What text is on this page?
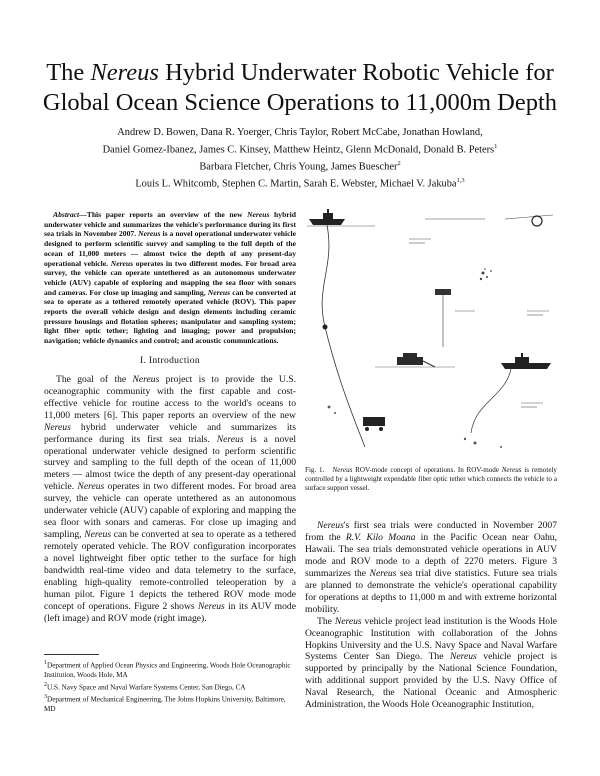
The Nereus Hybrid Underwater Robotic Vehicle for Global Ocean Science Operations to 11,000m Depth
Andrew D. Bowen, Dana R. Yoerger, Chris Taylor, Robert McCabe, Jonathan Howland,
Daniel Gomez-Ibanez, James C. Kinsey, Matthew Heintz, Glenn McDonald, Donald B. Peters$^1$
Barbara Fletcher, Chris Young, James Buescher$^2$
Louis L. Whitcomb, Stephen C. Martin, Sarah E. Webster, Michael V. Jakuba$^{1,3}$

Abstract—This paper reports an overview of the new Nereus hybrid underwater vehicle and summarizes the vehicle's performance during its first sea trials in November 2007. Nereus is a novel operational underwater vehicle designed to perform scientific survey and sampling to the full depth of the ocean of 11,000 meters — almost twice the depth of any present-day operational vehicle. Nereus operates in two different modes. For broad area survey, the vehicle can operate untethered as an autonomous underwater vehicle (AUV) capable of exploring and mapping the sea floor with sonars and cameras. For close up imaging and sampling, Nereus can be converted at sea to operate as a tethered remotely operated vehicle (ROV). This paper reports the overall vehicle design and design elements including ceramic pressure housings and flotation spheres; manipulator and sampling system; light fiber optic tether; lighting and imaging; power and propulsion; navigation; vehicle dynamics and control; and acoustic communications.

I. Introduction

The goal of the Nereus project is to provide the U.S. oceanographic community with the first capable and cost-effective vehicle for routine access to the world's oceans to 11,000 meters [6]. This paper reports an overview of the new Nereus hybrid underwater vehicle and summarizes its performance during its first sea trials. Nereus is a novel operational underwater vehicle designed to perform scientific survey and sampling to the full depth of the ocean of 11,000 meters — almost twice the depth of any present-day operational vehicle. Nereus operates in two different modes. For broad area survey, the vehicle can operate untethered as an autonomous underwater vehicle (AUV) capable of exploring and mapping the sea floor with sonars and cameras. For close up imaging and sampling, Nereus can be converted at sea to operate as a tethered remotely operated vehicle. The ROV configuration incorporates a novel lightweight fiber optic tether to the surface for high bandwidth real-time video and data telemetry to the surface, enabling high-quality remote-controlled teleoperation by a human pilot. Figure 1 depicts the tethered ROV mode mode concept of operations. Figure 2 shows Nereus in its AUV mode (left image) and ROV mode (right image).

$^1$Department of Applied Ocean Physics and Engineering, Woods Hole Oceanographic Institution, Woods Hole, MA

$^2$U.S. Navy Space and Naval Warfare Systems Center, San Diego, CA

$^3$Department of Mechanical Engineering, The Johns Hopkins University, Baltimore, MD

Fig. 1. Nereus ROV-mode concept of operations. In ROV-mode Nereus is remotely controlled by a lightweight expendable fiber optic tether which connects the vehicle to a surface support vessel.

Nereus's first sea trials were conducted in November 2007 from the R.V. Kilo Moana in the Pacific Ocean near Oahu, Hawaii. The sea trials demonstrated vehicle operations in AUV mode and ROV mode to a depth of 2270 meters. Figure 3 summarizes the Nereus sea trial dive statistics. Future sea trials are planned to demonstrate the vehicle's operational capability for operations at depths to 11,000 m and with extreme horizontal mobility.

The Nereus vehicle project lead institution is the Woods Hole Oceanographic Institution with collaboration of the Johns Hopkins University and the U.S. Navy Space and Naval Warfare Systems Center San Diego. The Nereus vehicle project is supported by principally by the National Science Foundation, with additional support provided by the U.S. Navy Office of Naval Research, the National Oceanic and Atmospheric Administration, the Woods Hole Oceanographic Institution,
